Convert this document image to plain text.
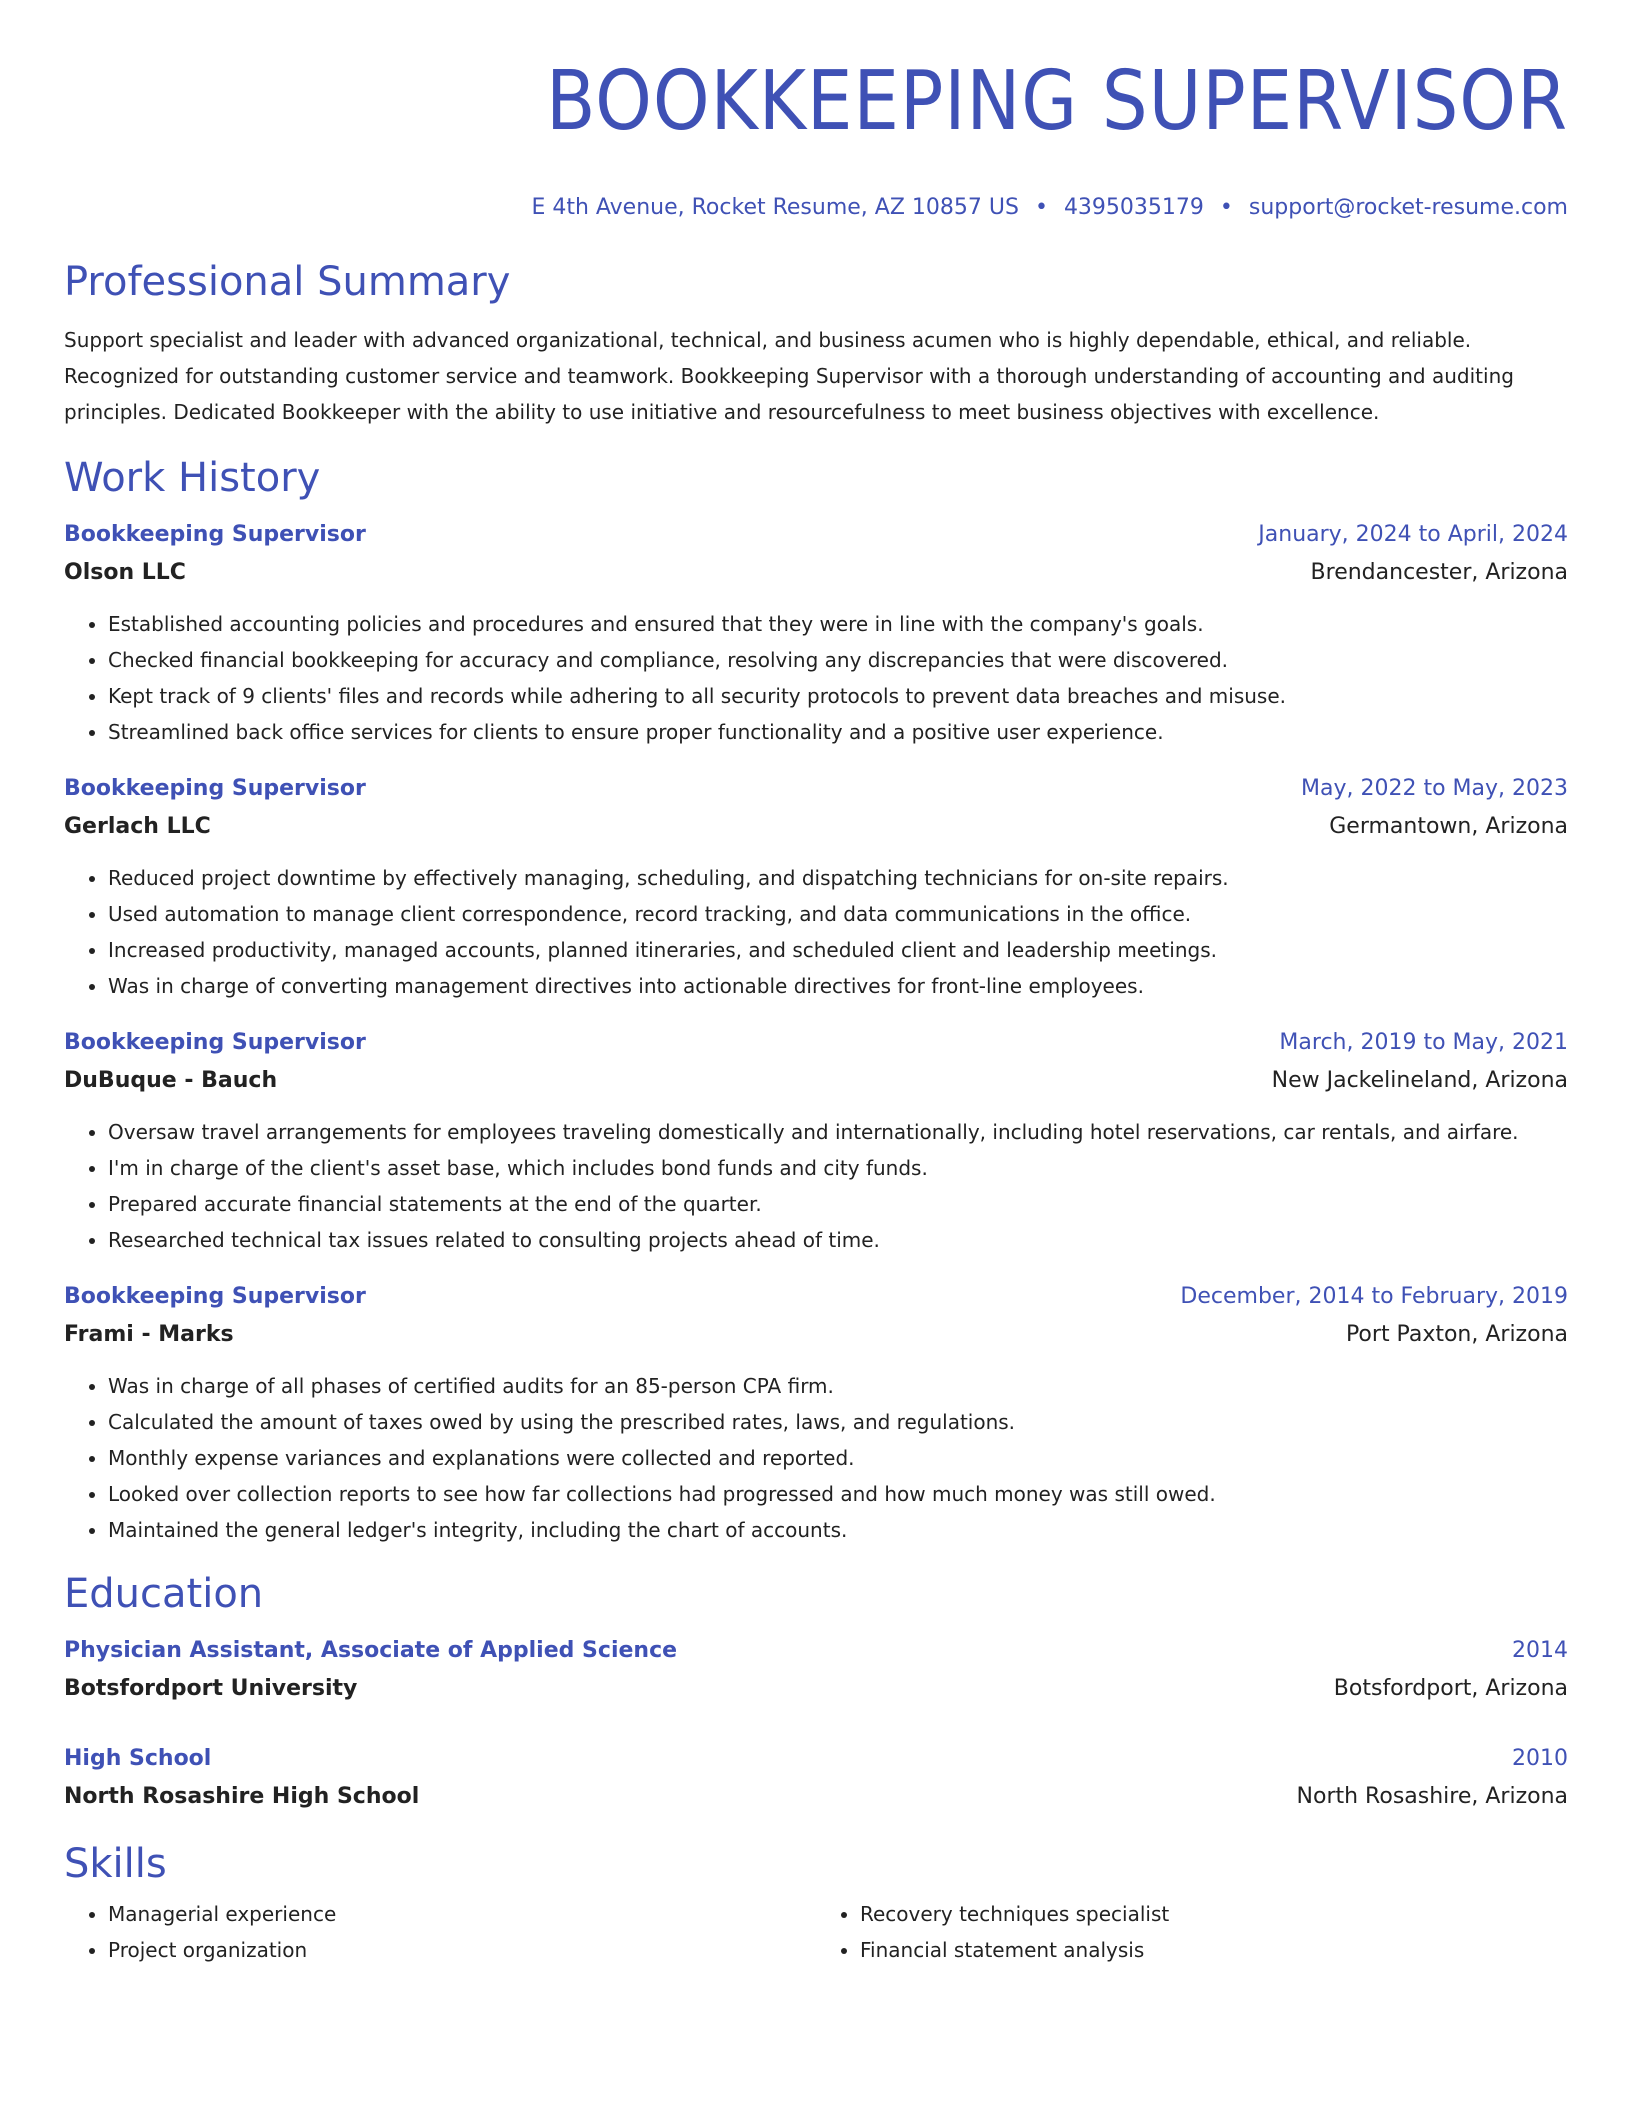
BOOKKEEPING SUPERVISOR
E 4th Avenue, Rocket Resume, AZ 10857 US • 4395035179 • support@rocket-resume.com
Professional Summary
Support specialist and leader with advanced organizational, technical, and business acumen who is highly dependable, ethical, and reliable. Recognized for outstanding customer service and teamwork. Bookkeeping Supervisor with a thorough understanding of accounting and auditing principles. Dedicated Bookkeeper with the ability to use initiative and resourcefulness to meet business objectives with excellence.
Work History
Bookkeeping Supervisor	January, 2024 to April, 2024
Olson LLC	Brendancester, Arizona
• Established accounting policies and procedures and ensured that they were in line with the company's goals.
• Checked financial bookkeeping for accuracy and compliance, resolving any discrepancies that were discovered.
• Kept track of 9 clients' files and records while adhering to all security protocols to prevent data breaches and misuse.
• Streamlined back office services for clients to ensure proper functionality and a positive user experience.
Bookkeeping Supervisor	May, 2022 to May, 2023
Gerlach LLC	Germantown, Arizona
• Reduced project downtime by effectively managing, scheduling, and dispatching technicians for on-site repairs.
• Used automation to manage client correspondence, record tracking, and data communications in the office.
• Increased productivity, managed accounts, planned itineraries, and scheduled client and leadership meetings.
• Was in charge of converting management directives into actionable directives for front-line employees.
Bookkeeping Supervisor	March, 2019 to May, 2021
DuBuque - Bauch	New Jackelineland, Arizona
• Oversaw travel arrangements for employees traveling domestically and internationally, including hotel reservations, car rentals, and airfare.
• I'm in charge of the client's asset base, which includes bond funds and city funds.
• Prepared accurate financial statements at the end of the quarter.
• Researched technical tax issues related to consulting projects ahead of time.
Bookkeeping Supervisor	December, 2014 to February, 2019
Frami - Marks	Port Paxton, Arizona
• Was in charge of all phases of certified audits for an 85-person CPA firm.
• Calculated the amount of taxes owed by using the prescribed rates, laws, and regulations.
• Monthly expense variances and explanations were collected and reported.
• Looked over collection reports to see how far collections had progressed and how much money was still owed.
• Maintained the general ledger's integrity, including the chart of accounts.
Education
Physician Assistant, Associate of Applied Science	2014
Botsfordport University	Botsfordport, Arizona
High School	2010
North Rosashire High School	North Rosashire, Arizona
Skills
• Managerial experience
• Project organization
• Recovery techniques specialist
• Financial statement analysis
